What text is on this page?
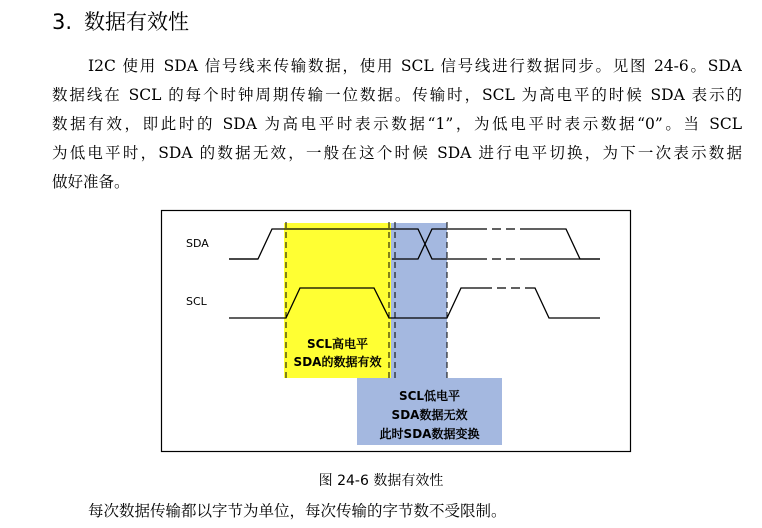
3. 数据有效性
I2C 使用 SDA 信号线来传输数据，使用 SCL 信号线进行数据同步。见图 24-6。SDA
数据线在 SCL 的每个时钟周期传输一位数据。传输时，SCL 为高电平的时候 SDA 表示的
数据有效，即此时的 SDA 为高电平时表示数据“1”，为低电平时表示数据“0”。当 SCL
为低电平时，SDA 的数据无效，一般在这个时候 SDA 进行电平切换，为下一次表示数据
做好准备。
SDA
SCL
SCL高电平
SDA的数据有效
SCL低电平
SDA数据无效
此时SDA数据变换
图 24-6 数据有效性
每次数据传输都以字节为单位，每次传输的字节数不受限制。
